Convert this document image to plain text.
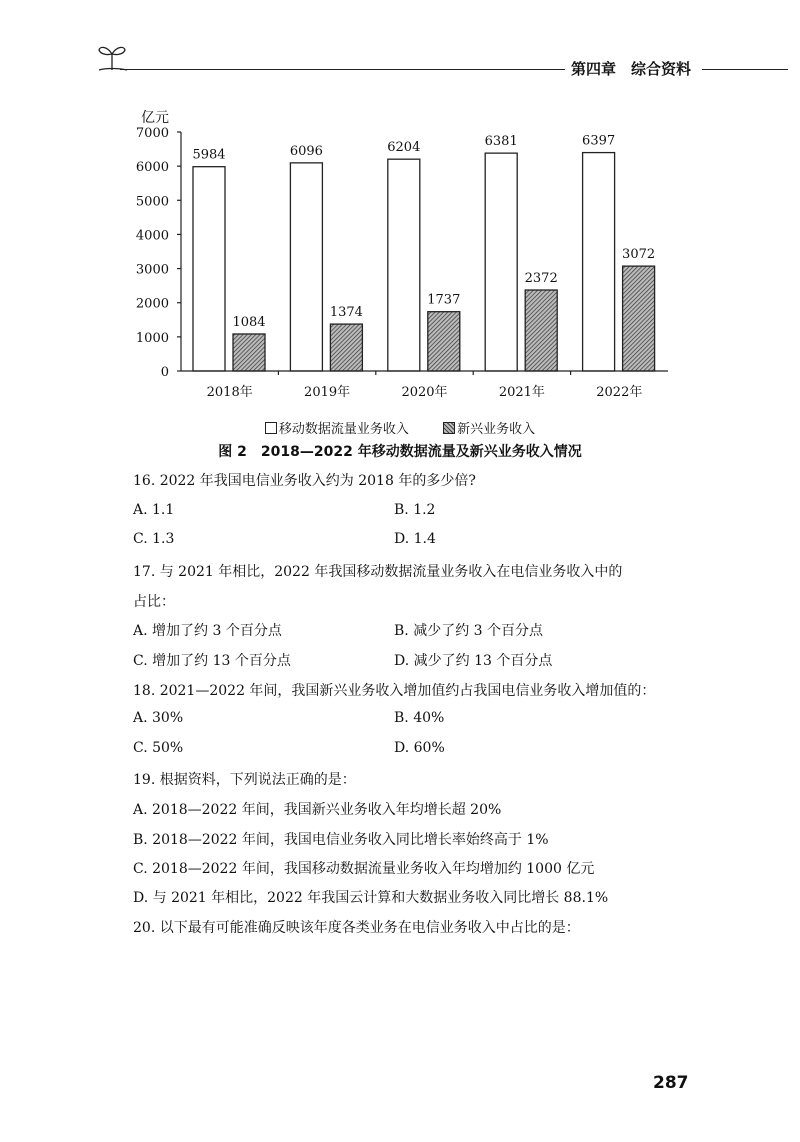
第四章　综合资料
亿元
0
1000
2000
3000
4000
5000
6000
7000
5984
1084
6096
1374
6204
1737
6381
2372
6397
3072
2018年	2019年	2020年	2021年	2022年
移动数据流量业务收入	新兴业务收入
图 2 2018—2022 年移动数据流量及新兴业务收入情况
16. 2022 年我国电信业务收入约为 2018 年的多少倍?
A. 1.1	B. 1.2
C. 1.3	D. 1.4
17. 与 2021 年相比，2022 年我国移动数据流量业务收入在电信业务收入中的
占比：
A. 增加了约 3 个百分点	B. 减少了约 3 个百分点
C. 增加了约 13 个百分点	D. 减少了约 13 个百分点
18. 2021—2022 年间，我国新兴业务收入增加值约占我国电信业务收入增加值的：
A. 30%	B. 40%
C. 50%	D. 60%
19. 根据资料，下列说法正确的是：
A. 2018—2022 年间，我国新兴业务收入年均增长超 20%
B. 2018—2022 年间，我国电信业务收入同比增长率始终高于 1%
C. 2018—2022 年间，我国移动数据流量业务收入年均增加约 1000 亿元
D. 与 2021 年相比，2022 年我国云计算和大数据业务收入同比增长 88.1%
20. 以下最有可能准确反映该年度各类业务在电信业务收入中占比的是：
287
